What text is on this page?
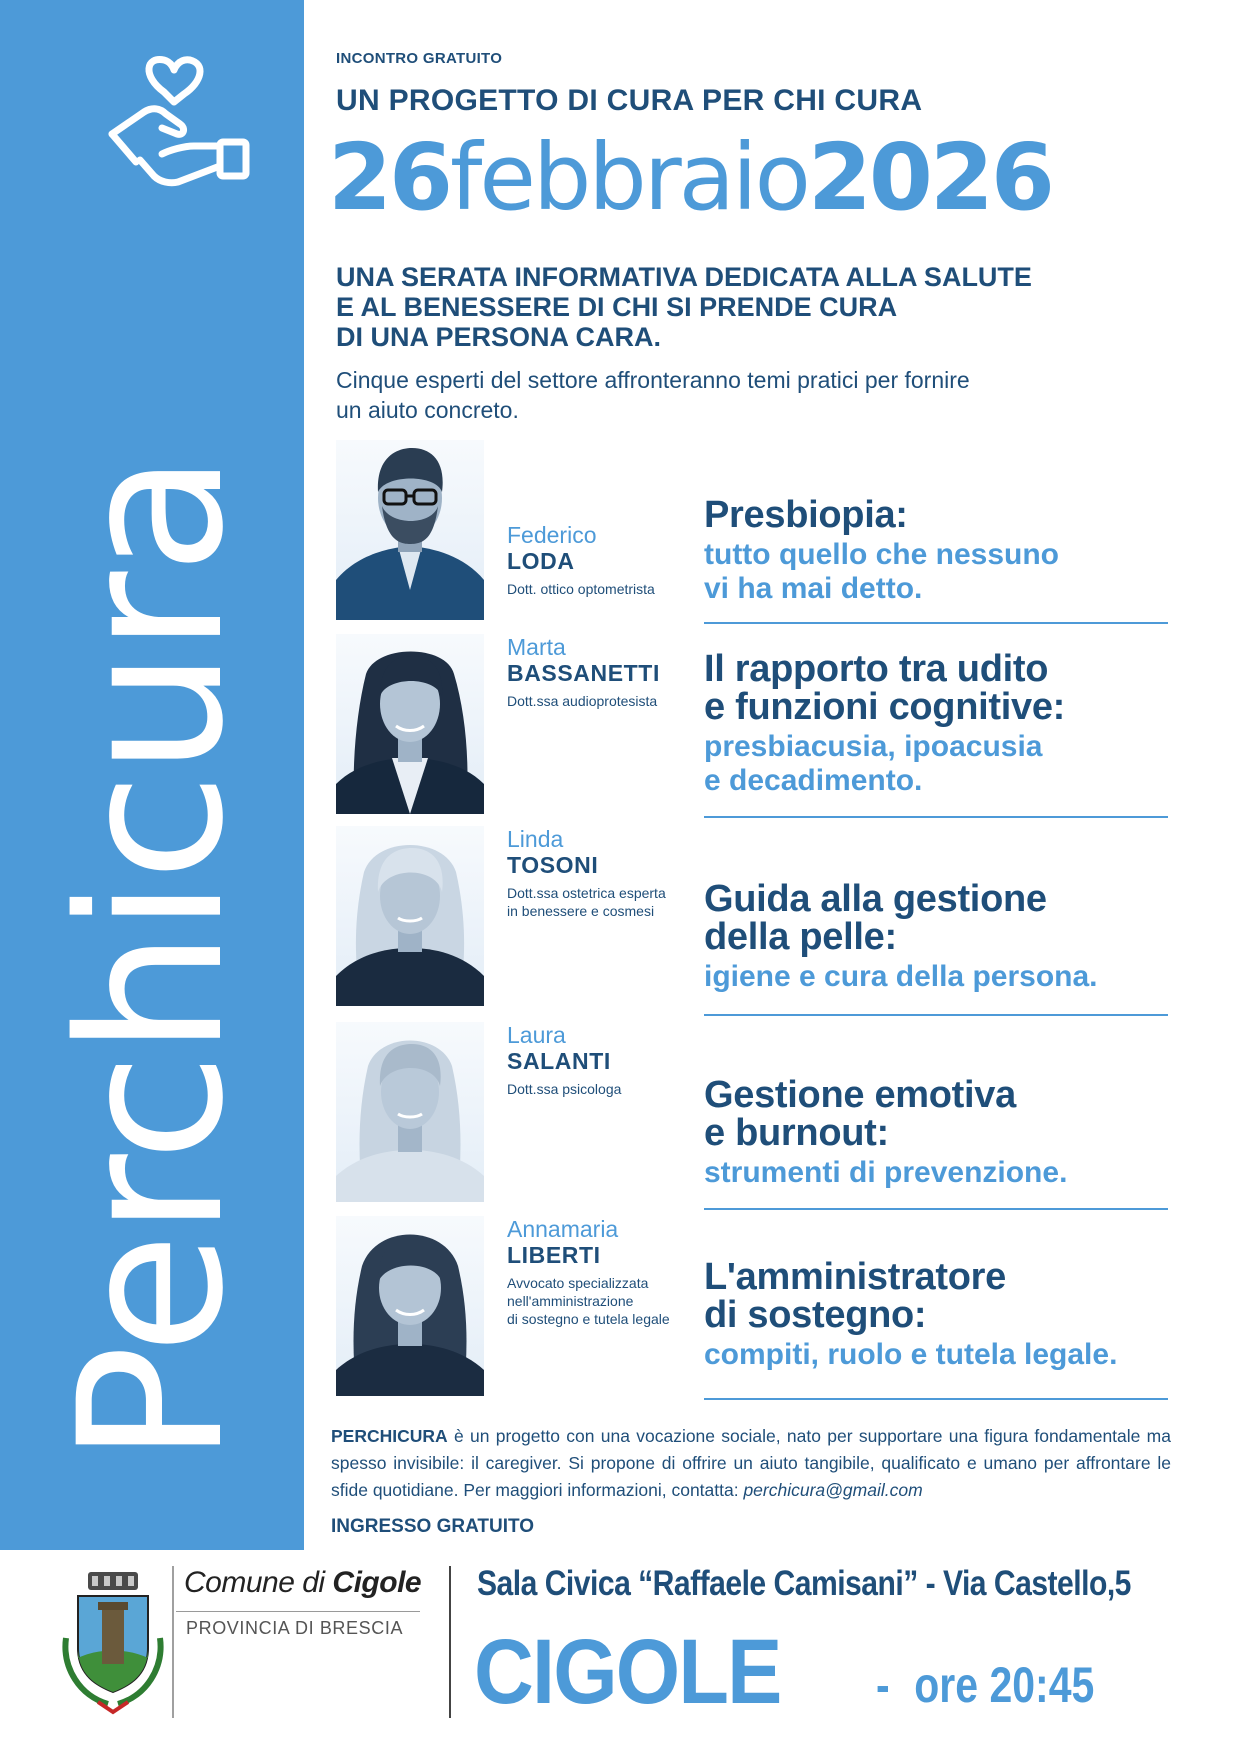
Perchicura
INCONTRO GRATUITO
UN PROGETTO DI CURA PER CHI CURA
26febbraio2026
UNA SERATA INFORMATIVA DEDICATA ALLA SALUTE
E AL BENESSERE DI CHI SI PRENDE CURA
DI UNA PERSONA CARA.
Cinque esperti del settore affronteranno temi pratici per fornire
un aiuto concreto.
Federico
LODA
Dott. ottico optometrista
Presbiopia:
tutto quello che nessuno
vi ha mai detto.
Marta
BASSANETTI
Dott.ssa audioprotesista
Il rapporto tra udito
e funzioni cognitive:
presbiacusia, ipoacusia
e decadimento.
Linda
TOSONI
Dott.ssa ostetrica esperta
in benessere e cosmesi	Guida alla gestione
della pelle:
igiene e cura della persona.
Laura
SALANTI
Dott.ssa psicologa Gestione emotiva
e burnout:
strumenti di prevenzione.
Annamaria
LIBERTI
Avvocato specializzata
nell'amministrazione
di sostegno e tutela legale
L'amministratore
di sostegno:
compiti, ruolo e tutela legale.
PERCHICURA è un progetto con una vocazione sociale, nato per supportare una figura fondamentale ma spesso invisibile: il caregiver. Si propone di offrire un aiuto tangibile, qualificato e umano per affrontare le sfide quotidiane. Per maggiori informazioni, contatta: perchicura@gmail.com
INGRESSO GRATUITO
Comune di Cigole
PROVINCIA DI BRESCIA
Sala Civica “Raffaele Camisani” - Via Castello,5
CIGOLE - ore 20:45
